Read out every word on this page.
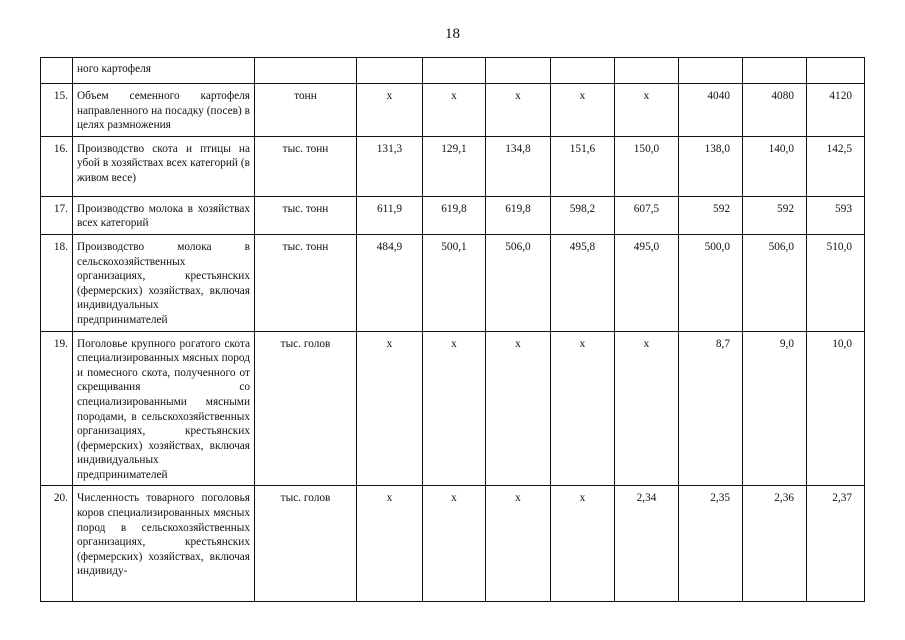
18
	ного картофеля									
15.	Объем семенного картофеля направленного на посадку (посев) в целях размножения	тонн	х	х	х	х	х	4040	4080	4120
16.	Производство скота и птицы на убой в хозяйствах всех категорий (в живом весе)	тыс. тонн	131,3	129,1	134,8	151,6	150,0	138,0	140,0	142,5
17.	Производство молока в хозяйствах всех категорий	тыс. тонн	611,9	619,8	619,8	598,2	607,5	592	592	593
18.	Производство молока в сельскохозяйственных организациях, крестьянских (фермерских) хозяйствах, включая индивидуальных предпринимателей	тыс. тонн	484,9	500,1	506,0	495,8	495,0	500,0	506,0	510,0
19.	Поголовье крупного рогатого скота специализированных мясных пород и помесного скота, полученного от скрещивания со специализированными мясными породами, в сельскохозяйственных организациях, крестьянских (фермерских) хозяйствах, включая индивидуальных предпринимателей	тыс. голов	х	х	х	х	х	8,7	9,0	10,0
20.	Численность товарного поголовья коров специализированных мясных пород в сельскохозяйственных организациях, крестьянских (фермерских) хозяйствах, включая индивиду-	тыс. голов	х	х	х	х	2,34	2,35	2,36	2,37
